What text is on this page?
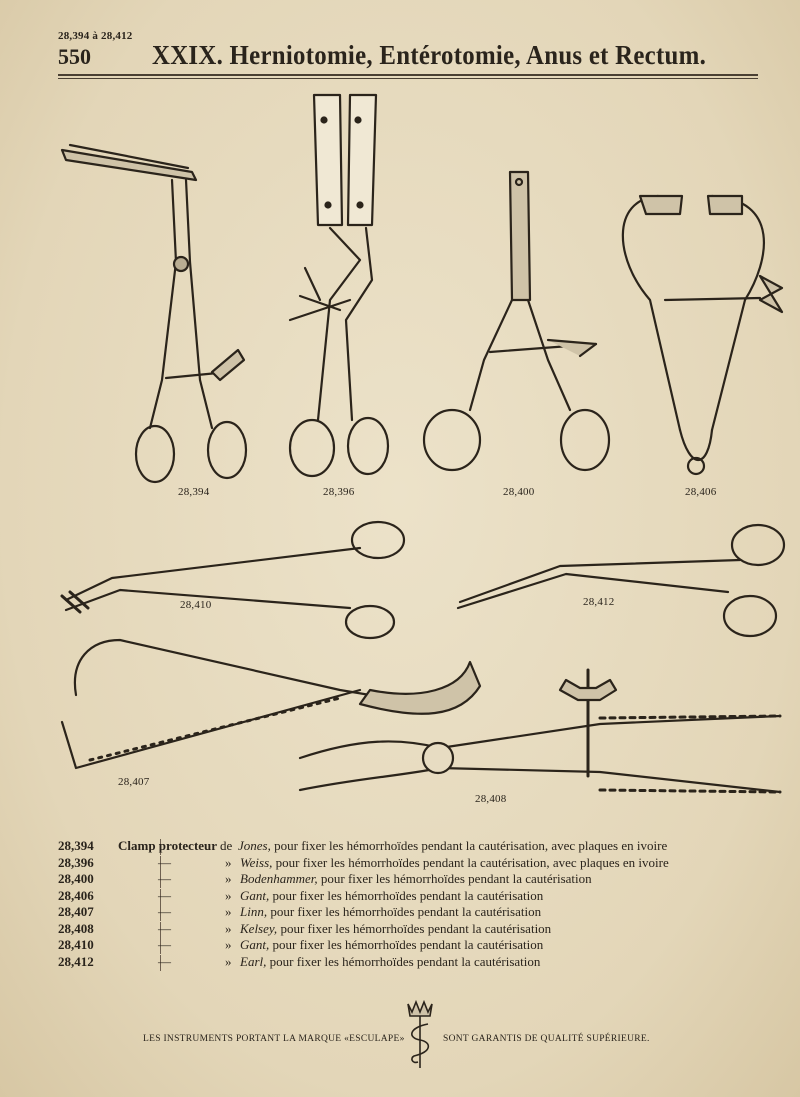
28,394 à 28,412
550 XXIX. Herniotomie, Entérotomie, Anus et Rectum.
28,394	28,396	28,400	28,406
28,410	28,412
28,407
28,408
28,394 Clamp protecteur de Jones, pour fixer les hémorrhoïdes pendant la cautérisation, avec plaques en ivoire
28,396	—	» Weiss, pour fixer les hémorrhoïdes pendant la cautérisation, avec plaques en ivoire
28,400	—	» Bodenhammer, pour fixer les hémorrhoïdes pendant la cautérisation
28,406	—	» Gant, pour fixer les hémorrhoïdes pendant la cautérisation
28,407	—	» Linn, pour fixer les hémorrhoïdes pendant la cautérisation
28,408	—	» Kelsey, pour fixer les hémorrhoïdes pendant la cautérisation
28,410	—	» Gant, pour fixer les hémorrhoïdes pendant la cautérisation
28,412	—	» Earl, pour fixer les hémorrhoïdes pendant la cautérisation
LES INSTRUMENTS PORTANT LA MARQUE «ESCULAPE»	SONT GARANTIS DE QUALITÉ SUPÉRIEURE.
